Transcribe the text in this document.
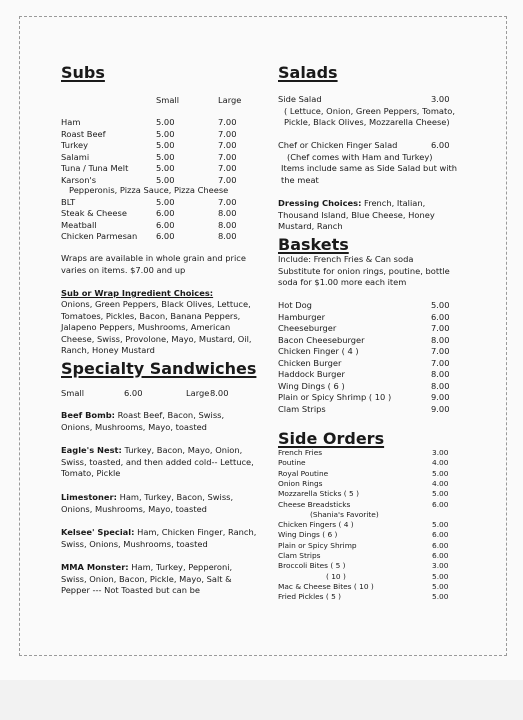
Subs
Small	Large
Ham	5.00	7.00
Roast Beef	5.00	7.00
Turkey	5.00	7.00
Salami	5.00	7.00
Tuna / Tuna Melt	5.00	7.00
Karson's	5.00	7.00
Pepperonis, Pizza Sauce, Pizza Cheese
BLT	5.00	7.00
Steak & Cheese	6.00	8.00
Meatball	6.00	8.00
Chicken Parmesan 6.00	8.00
Wraps are available in whole grain and price varies on items. $7.00 and up
Sub or Wrap Ingredient Choices:
Onions, Green Peppers, Black Olives, Lettuce, Tomatoes, Pickles, Bacon, Banana Peppers, Jalapeno Peppers, Mushrooms, American Cheese, Swiss, Provolone, Mayo, Mustard, Oil, Ranch, Honey Mustard
Specialty Sandwiches
Small	6.00	Large 8.00
Beef Bomb: Roast Beef, Bacon, Swiss, Onions, Mushrooms, Mayo, toasted
Eagle's Nest: Turkey, Bacon, Mayo, Onion, Swiss, toasted, and then added cold-- Lettuce, Tomato, Pickle
Limestoner: Ham, Turkey, Bacon, Swiss, Onions, Mushrooms, Mayo, toasted
Kelsee' Special: Ham, Chicken Finger, Ranch, Swiss, Onions, Mushrooms, toasted
MMA Monster: Ham, Turkey, Pepperoni, Swiss, Onion, Bacon, Pickle, Mayo, Salt & Pepper --- Not Toasted but can be
Salads
Side Salad	3.00
( Lettuce, Onion, Green Peppers, Tomato, Pickle, Black Olives, Mozzarella Cheese)
Chef or Chicken Finger Salad	6.00
(Chef comes with Ham and Turkey)
Items include same as Side Salad but with the meat
Dressing Choices: French, Italian, Thousand Island, Blue Cheese, Honey Mustard, Ranch
Baskets
Include: French Fries & Can soda
Substitute for onion rings, poutine, bottle soda for $1.00 more each item
Hot Dog	5.00
Hamburger	6.00
Cheeseburger	7.00
Bacon Cheeseburger	8.00
Chicken Finger ( 4 )	7.00
Chicken Burger	7.00
Haddock Burger	8.00
Wing Dings ( 6 )	8.00
Plain or Spicy Shrimp ( 10 )	9.00
Clam Strips	9.00
Side Orders
French Fries	3.00
Poutine	4.00
Royal Poutine	5.00
Onion Rings	4.00
Mozzarella Sticks ( 5 )	5.00
Cheese Breadsticks	6.00
(Shania's Favorite)
Chicken Fingers ( 4 )	5.00
Wing Dings ( 6 )	6.00
Plain or Spicy Shrimp	6.00
Clam Strips	6.00
Broccoli Bites ( 5 )	3.00
( 10 )	5.00
Mac & Cheese Bites ( 10 )	5.00
Fried Pickles ( 5 )	5.00
